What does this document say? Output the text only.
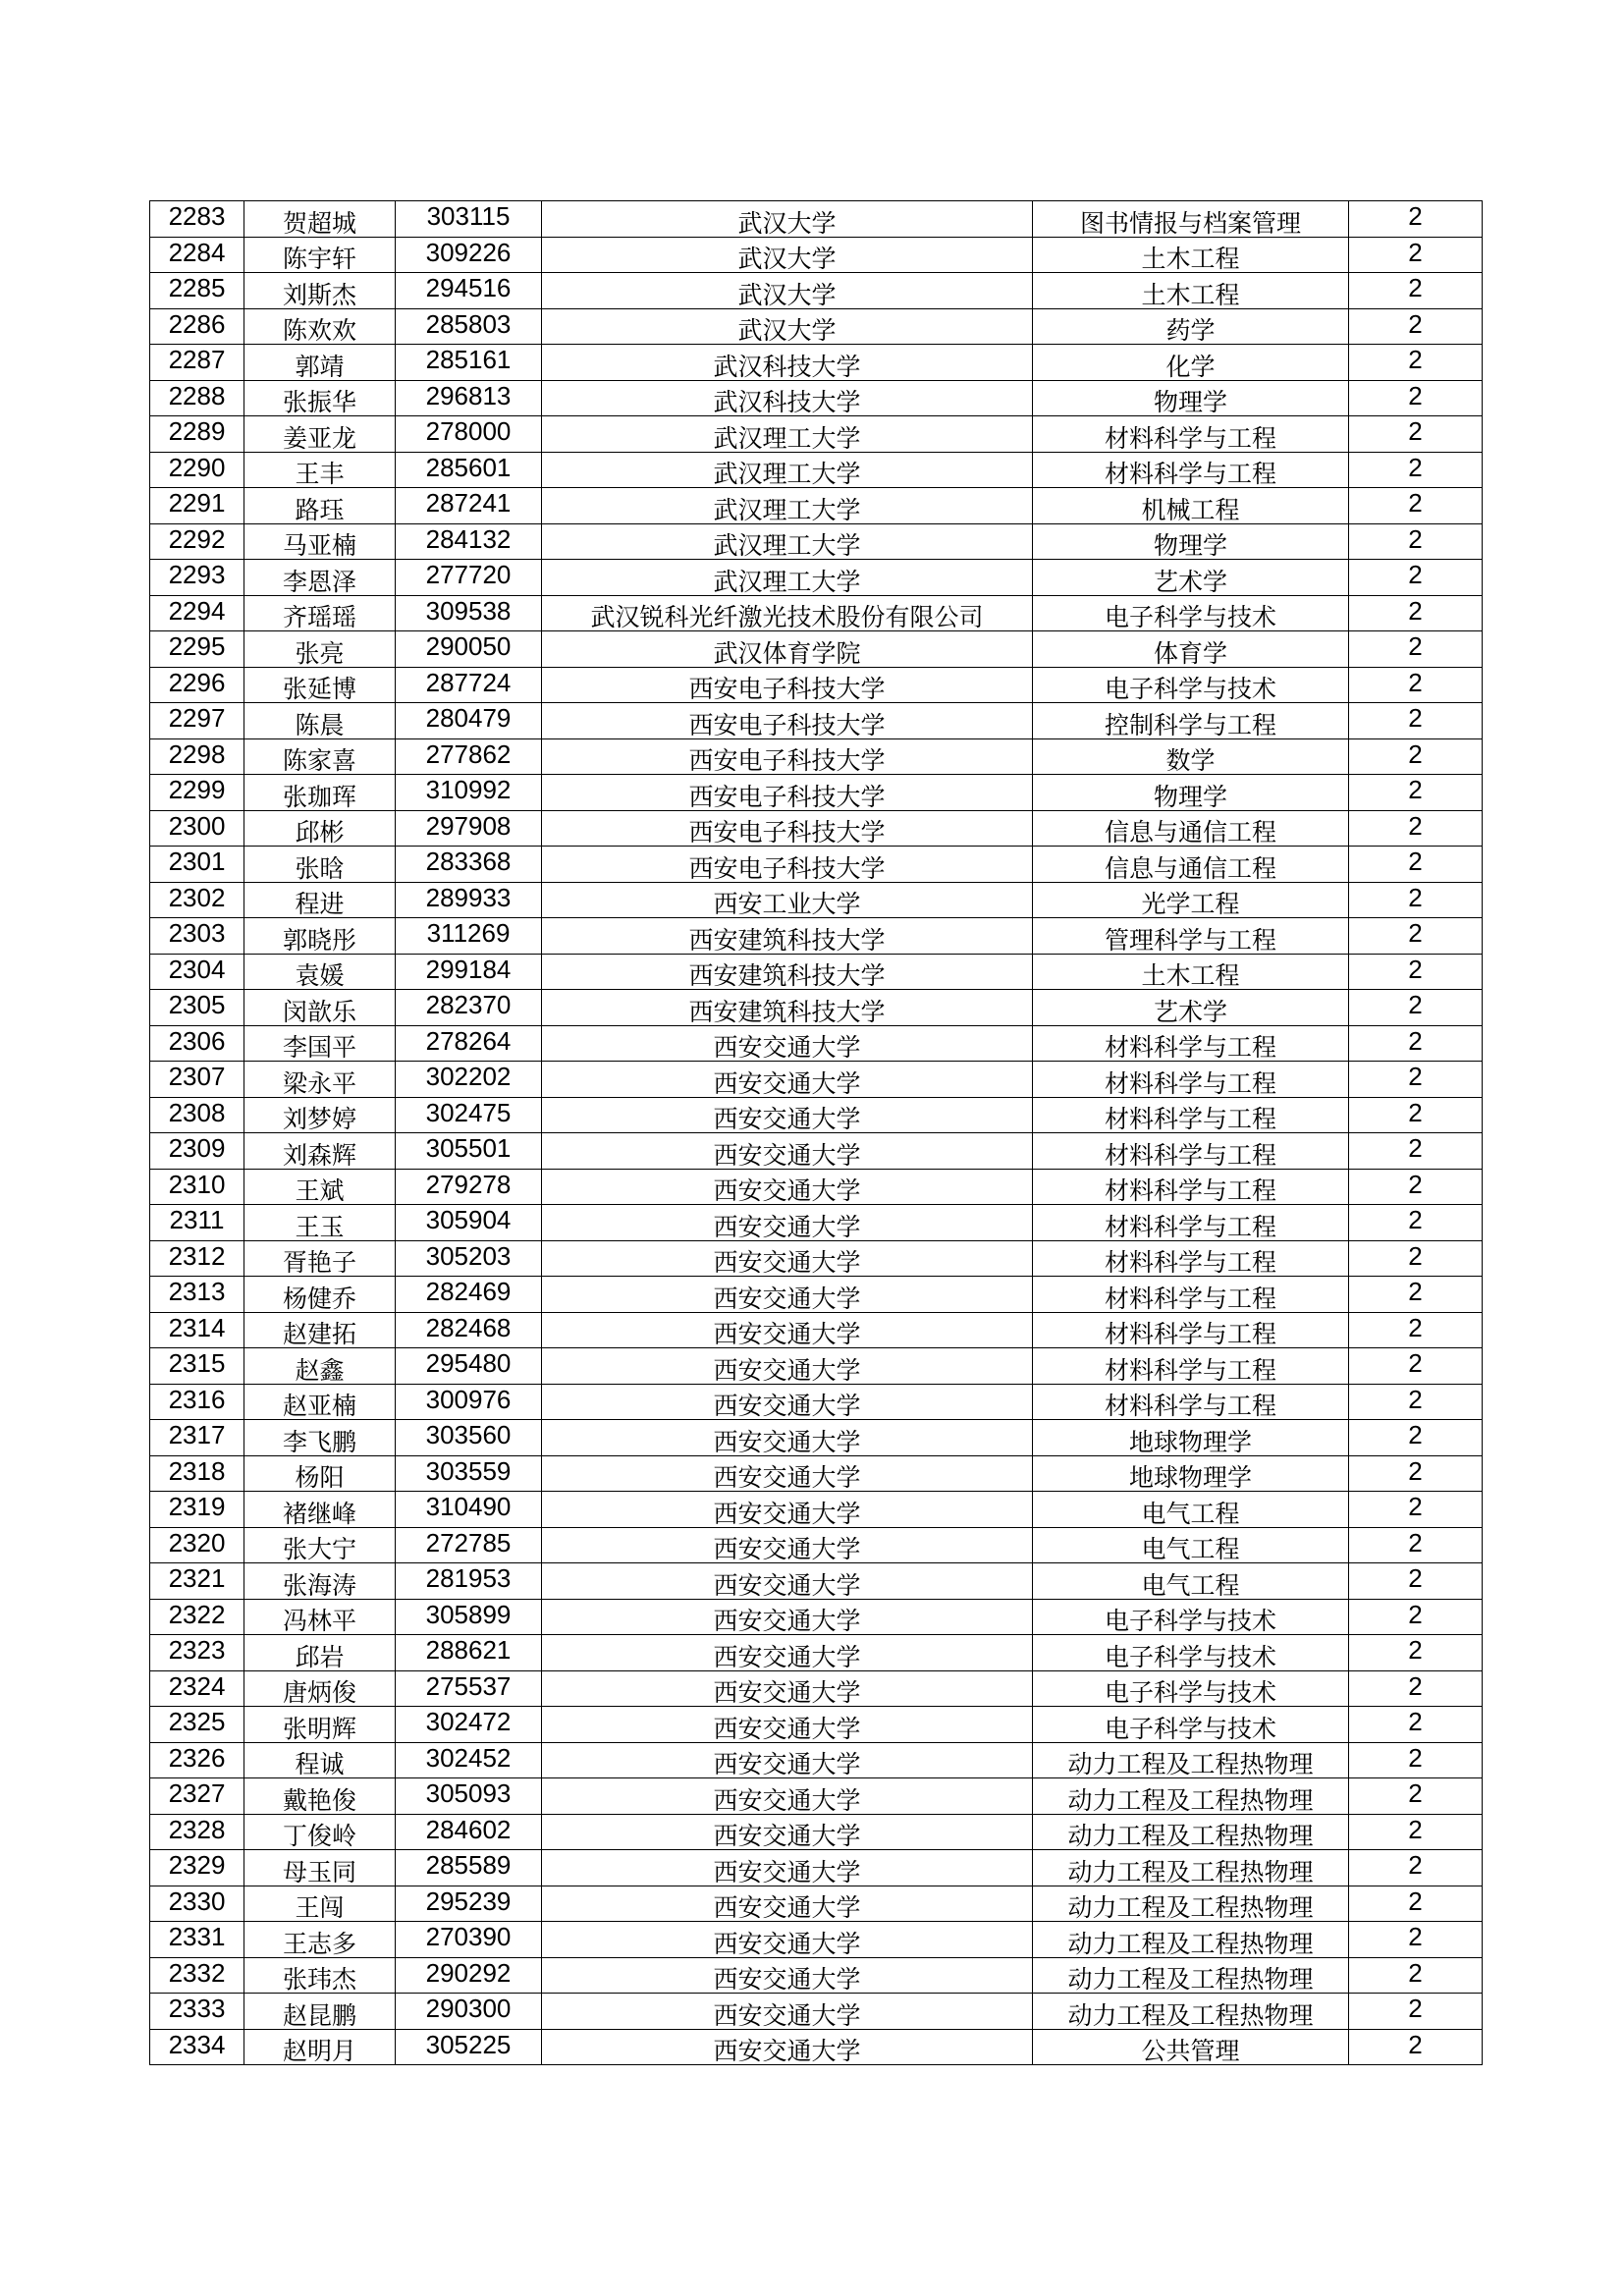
2283	贺超城	303115	武汉大学	图书情报与档案管理	2
2284	陈宇轩	309226	武汉大学	土木工程	2
2285	刘斯杰	294516	武汉大学	土木工程	2
2286	陈欢欢	285803	武汉大学	药学	2
2287	郭靖	285161	武汉科技大学	化学	2
2288	张振华	296813	武汉科技大学	物理学	2
2289	姜亚龙	278000	武汉理工大学	材料科学与工程	2
2290	王丰	285601	武汉理工大学	材料科学与工程	2
2291	路珏	287241	武汉理工大学	机械工程	2
2292	马亚楠	284132	武汉理工大学	物理学	2
2293	李恩泽	277720	武汉理工大学	艺术学	2
2294	齐瑶瑶	309538	武汉锐科光纤激光技术股份有限公司	电子科学与技术	2
2295	张亮	290050	武汉体育学院	体育学	2
2296	张延博	287724	西安电子科技大学	电子科学与技术	2
2297	陈晨	280479	西安电子科技大学	控制科学与工程	2
2298	陈家喜	277862	西安电子科技大学	数学	2
2299	张珈珲	310992	西安电子科技大学	物理学	2
2300	邱彬	297908	西安电子科技大学	信息与通信工程	2
2301	张晗	283368	西安电子科技大学	信息与通信工程	2
2302	程进	289933	西安工业大学	光学工程	2
2303	郭晓彤	311269	西安建筑科技大学	管理科学与工程	2
2304	袁媛	299184	西安建筑科技大学	土木工程	2
2305	闵歆乐	282370	西安建筑科技大学	艺术学	2
2306	李国平	278264	西安交通大学	材料科学与工程	2
2307	梁永平	302202	西安交通大学	材料科学与工程	2
2308	刘梦婷	302475	西安交通大学	材料科学与工程	2
2309	刘森辉	305501	西安交通大学	材料科学与工程	2
2310	王斌	279278	西安交通大学	材料科学与工程	2
2311	王玉	305904	西安交通大学	材料科学与工程	2
2312	胥艳子	305203	西安交通大学	材料科学与工程	2
2313	杨健乔	282469	西安交通大学	材料科学与工程	2
2314	赵建拓	282468	西安交通大学	材料科学与工程	2
2315	赵鑫	295480	西安交通大学	材料科学与工程	2
2316	赵亚楠	300976	西安交通大学	材料科学与工程	2
2317	李飞鹏	303560	西安交通大学	地球物理学	2
2318	杨阳	303559	西安交通大学	地球物理学	2
2319	褚继峰	310490	西安交通大学	电气工程	2
2320	张大宁	272785	西安交通大学	电气工程	2
2321	张海涛	281953	西安交通大学	电气工程	2
2322	冯林平	305899	西安交通大学	电子科学与技术	2
2323	邱岩	288621	西安交通大学	电子科学与技术	2
2324	唐炳俊	275537	西安交通大学	电子科学与技术	2
2325	张明辉	302472	西安交通大学	电子科学与技术	2
2326	程诚	302452	西安交通大学	动力工程及工程热物理	2
2327	戴艳俊	305093	西安交通大学	动力工程及工程热物理	2
2328	丁俊岭	284602	西安交通大学	动力工程及工程热物理	2
2329	母玉同	285589	西安交通大学	动力工程及工程热物理	2
2330	王闯	295239	西安交通大学	动力工程及工程热物理	2
2331	王志多	270390	西安交通大学	动力工程及工程热物理	2
2332	张玮杰	290292	西安交通大学	动力工程及工程热物理	2
2333	赵昆鹏	290300	西安交通大学	动力工程及工程热物理	2
2334	赵明月	305225	西安交通大学	公共管理	2
